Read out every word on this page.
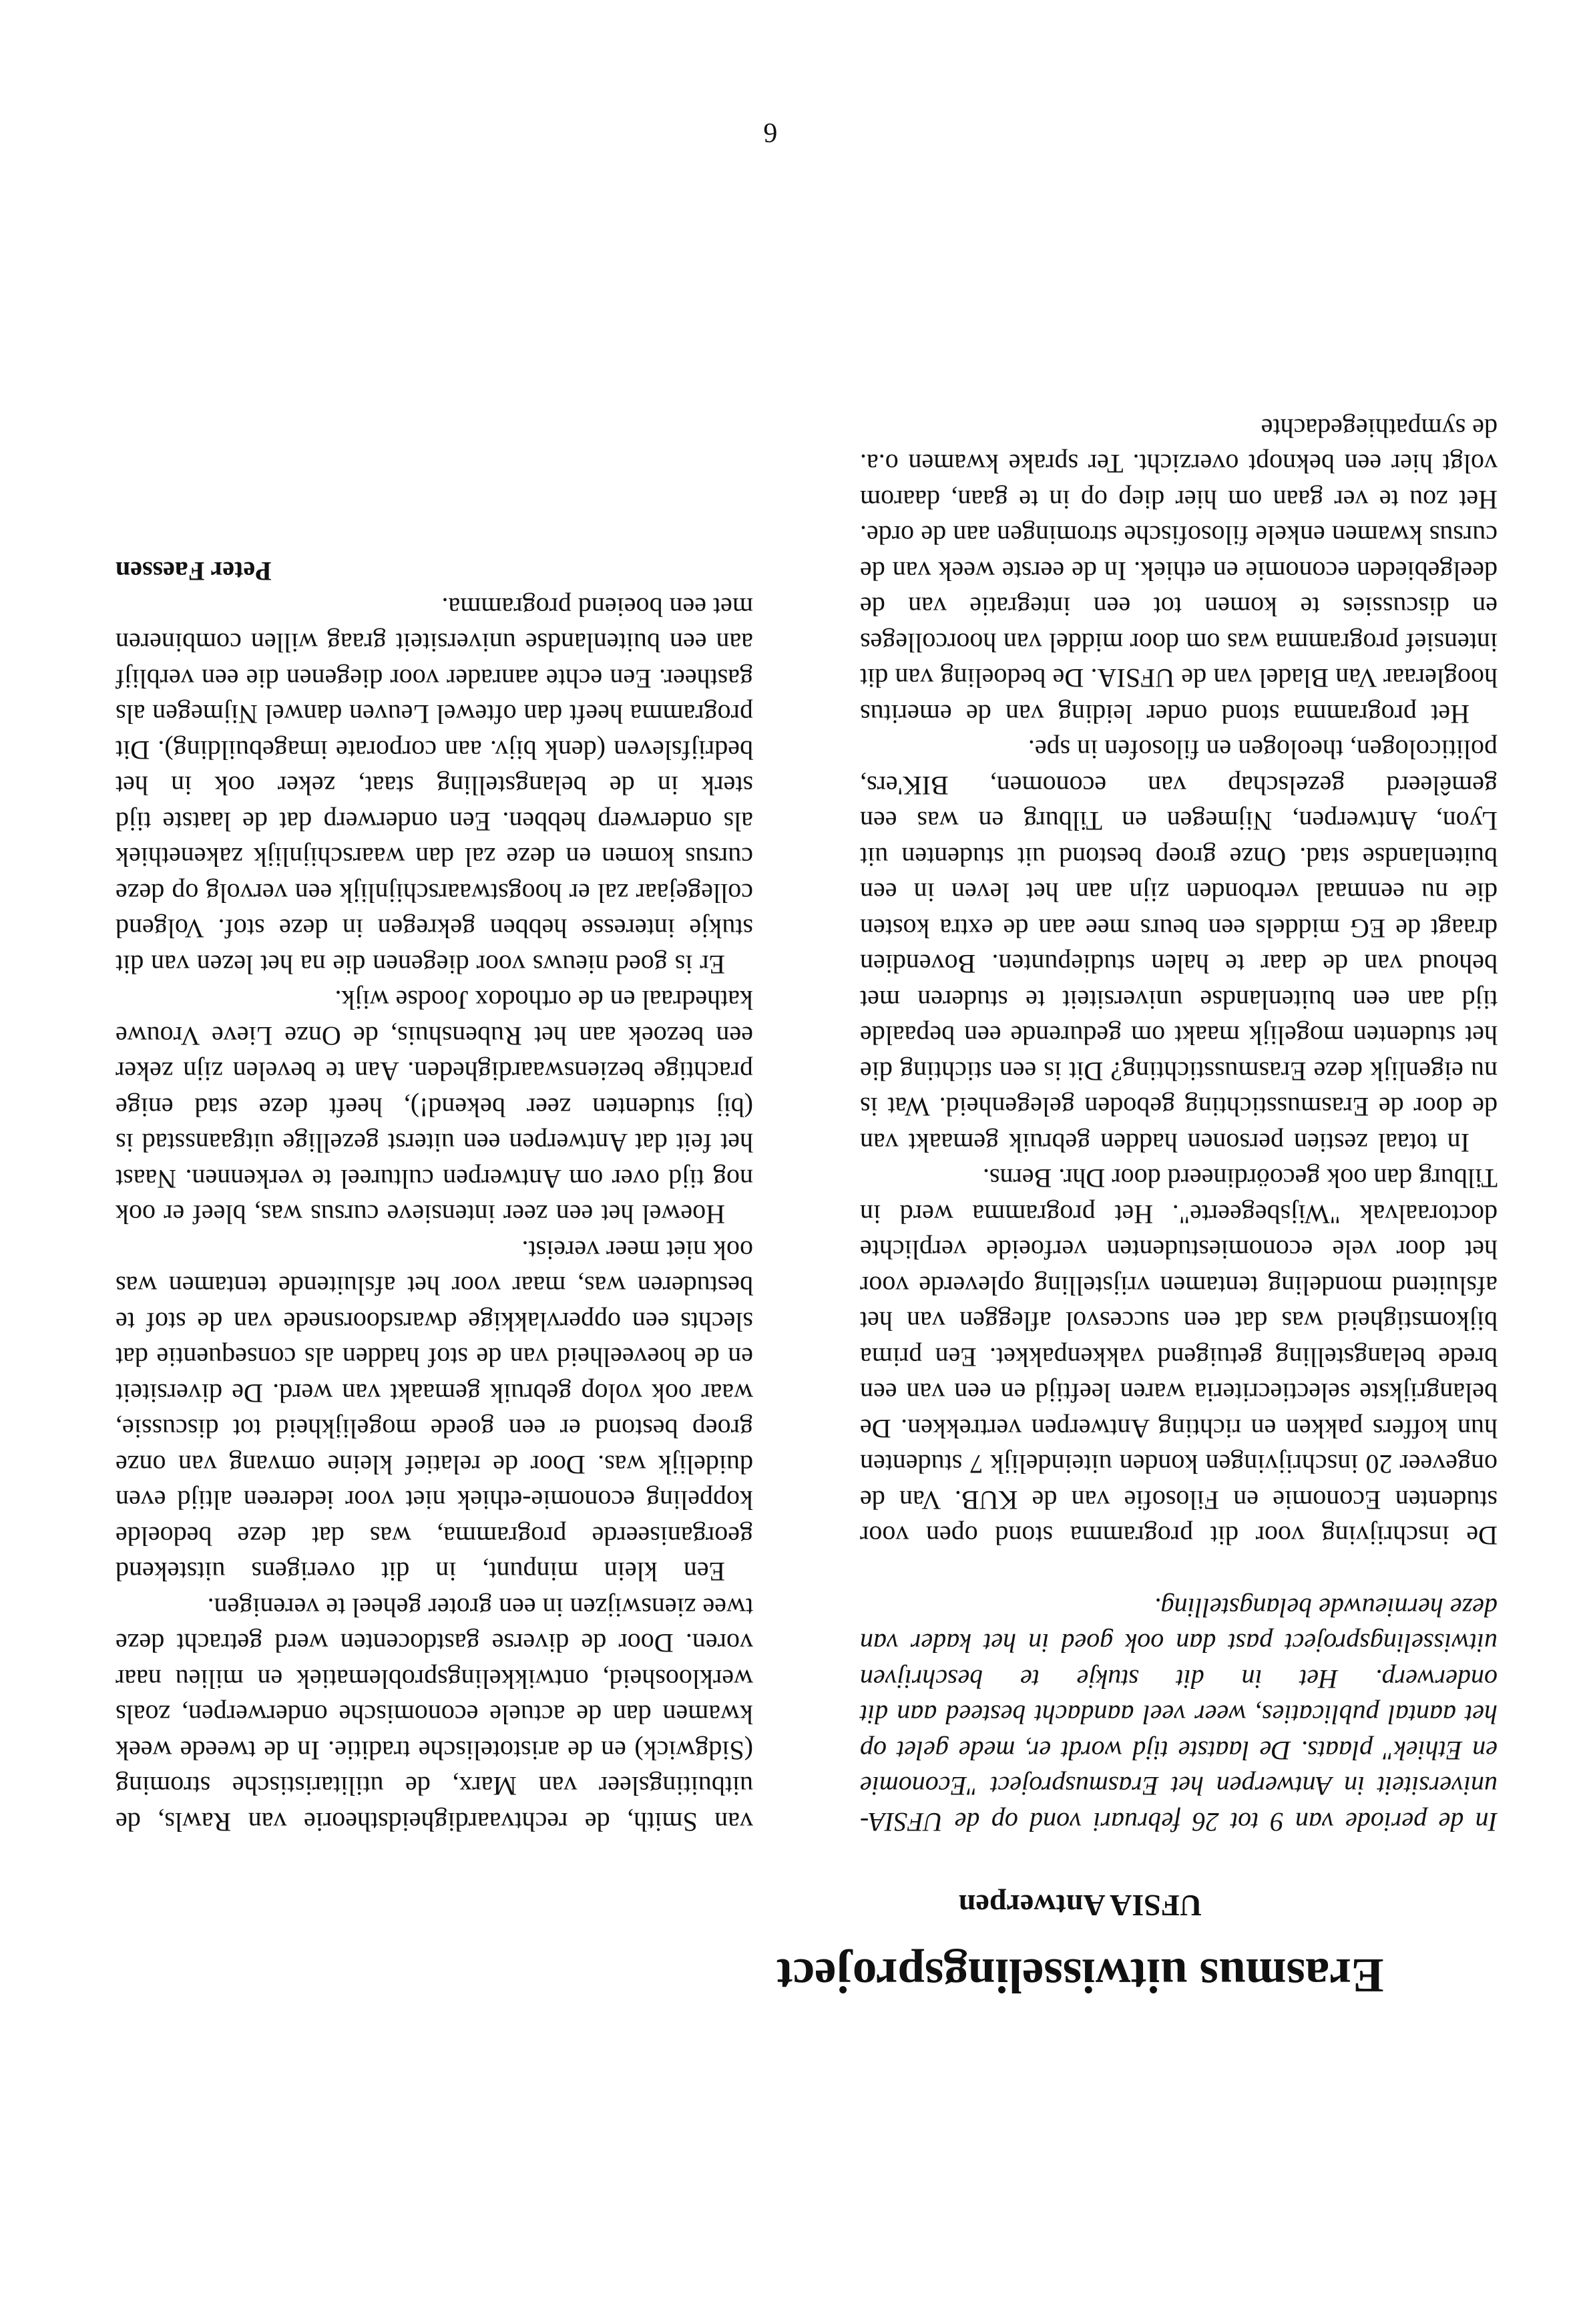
Erasmus uitwisselingsproject
UFSIA Antwerpen

In de periode van 9 tot 26 februari vond op de UFSIA-universiteit in Antwerpen het Erasmusproject "Economie en Ethiek" plaats. De laatste tijd wordt er, mede gelet op het aantal publicaties, weer veel aandacht besteed aan dit onderwerp. Het in dit stukje te beschrijven uitwisselingsproject past dan ook goed in het kader van deze hernieuwde belangstelling.

De inschrijving voor dit programma stond open voor studenten Economie en Filosofie van de KUB. Van de ongeveer 20 inschrijvingen konden uiteindelijk 7 studenten hun koffers pakken en richting Antwerpen vertrekken. De belangrijkste selectiecriteria waren leeftijd en een van een brede belangstelling getuigend vakkenpakket. Een prima bijkomstigheid was dat een succesvol afleggen van het afsluitend mondeling tentamen vrijstelling opleverde voor het door vele economiestudenten verfoeide verplichte doctoraalvak "Wijsbegeerte". Het programma werd in Tilburg dan ook gecoördineerd door Dhr. Berns.

In totaal zestien personen hadden gebruik gemaakt van de door de Erasmusstichting geboden gelegenheid. Wat is nu eigenlijk deze Erasmusstichting? Dit is een stichting die het studenten mogelijk maakt om gedurende een bepaalde tijd aan een buitenlandse universiteit te studeren met behoud van de daar te halen studiepunten. Bovendien draagt de EG middels een beurs mee aan de extra kosten die nu eenmaal verbonden zijn aan het leven in een buitenlandse stad. Onze groep bestond uit studenten uit Lyon, Antwerpen, Nijmegen en Tilburg en was een gemêleerd gezelschap van economen, BIK'ers, politicologen, theologen en filosofen in spe.

Het programma stond onder leiding van de emeritus hoogleraar Van Bladel van de UFSIA. De bedoeling van dit intensief programma was om door middel van hoorcolleges en discussies te komen tot een integratie van de deelgebieden economie en ethiek. In de eerste week van de cursus kwamen enkele filosofische stromingen aan de orde. Het zou te ver gaan om hier diep op in te gaan, daarom volgt hier een beknopt overzicht. Ter sprake kwamen o.a. de sympathiegedachte

van Smith, de rechtvaardigheidstheorie van Rawls, de uitbuitingsleer van Marx, de utilitaristische stroming (Sidgwick) en de aristotelische traditie. In de tweede week kwamen dan de actuele economische onderwerpen, zoals werkloosheid, ontwikkelingsproblematiek en milieu naar voren. Door de diverse gastdocenten werd getracht deze twee zienswijzen in een groter geheel te verenigen.

Een klein minpunt, in dit overigens uitstekend georganiseerde programma, was dat deze bedoelde koppeling economie-ethiek niet voor iedereen altijd even duidelijk was. Door de relatief kleine omvang van onze groep bestond er een goede mogelijkheid tot discussie, waar ook volop gebruik gemaakt van werd. De diversiteit en de hoeveelheid van de stof hadden als consequentie dat slechts een oppervlakkige dwarsdoorsnede van de stof te bestuderen was, maar voor het afsluitende tentamen was ook niet meer vereist.

Hoewel het een zeer intensieve cursus was, bleef er ook nog tijd over om Antwerpen cultureel te verkennen. Naast het feit dat Antwerpen een uiterst gezellige uitgaansstad is (bij studenten zeer bekend!), heeft deze stad enige prachtige bezienswaardigheden. Aan te bevelen zijn zeker een bezoek aan het Rubenshuis, de Onze Lieve Vrouwe kathedraal en de orthodox Joodse wijk.

Er is goed nieuws voor diegenen die na het lezen van dit stukje interesse hebben gekregen in deze stof. Volgend collegejaar zal er hoogstwaarschijnlijk een vervolg op deze cursus komen en deze zal dan waarschijnlijk zakenethiek als onderwerp hebben. Een onderwerp dat de laatste tijd sterk in de belangstelling staat, zeker ook in het bedrijfsleven (denk bijv. aan corporate imagebuilding). Dit programma heeft dan oftewel Leuven danwel Nijmegen als gastheer. Een echte aanrader voor diegenen die een verblijf aan een buitenlandse universiteit graag willen combineren met een boeiend programma.

Peter Faessen

6
